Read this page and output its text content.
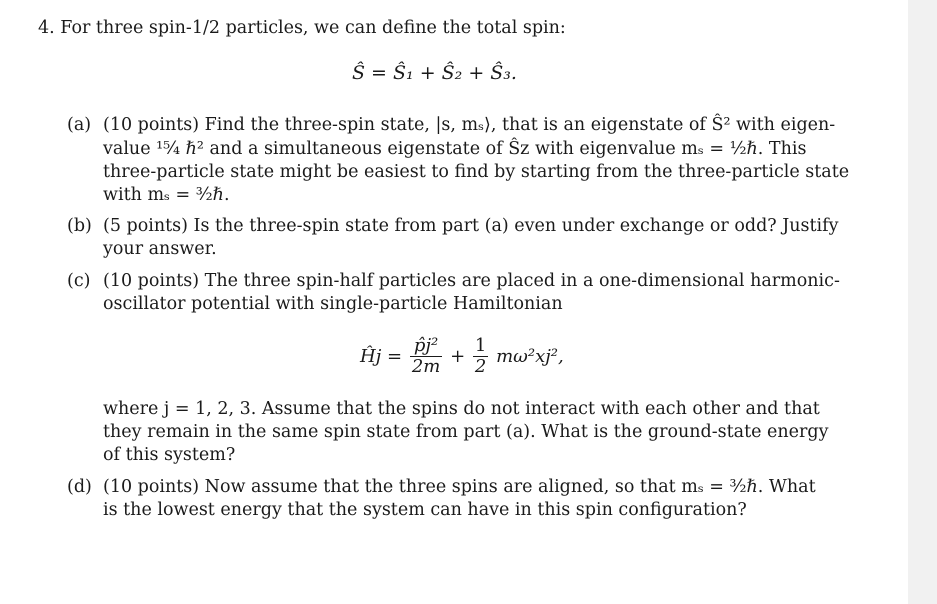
4. For three spin-1/2 particles, we can define the total spin:
Ŝ = Ŝ₁ + Ŝ₂ + Ŝ₃.
(a) (10 points) Find the three-spin state, |s, mₛ⟩, that is an eigenstate of Ŝ² with eigen-
value ¹⁵⁄₄ ℏ² and a simultaneous eigenstate of Ŝz with eigenvalue mₛ = ½ℏ. This
three-particle state might be easiest to find by starting from the three-particle state
with mₛ = ³⁄₂ℏ.
(b) (5 points) Is the three-spin state from part (a) even under exchange or odd? Justify
your answer.
(c) (10 points) The three spin-half particles are placed in a one-dimensional harmonic-
oscillator potential with single-particle Hamiltonian
Ĥj = $\frac{\text{p̂j²}}{2m} + \frac{1}{2} m\omega^2xj^2$,
where j = 1, 2, 3. Assume that the spins do not interact with each other and that
they remain in the same spin state from part (a). What is the ground-state energy
of this system?
(d) (10 points) Now assume that the three spins are aligned, so that mₛ = ³⁄₂ℏ. What
is the lowest energy that the system can have in this spin configuration?
